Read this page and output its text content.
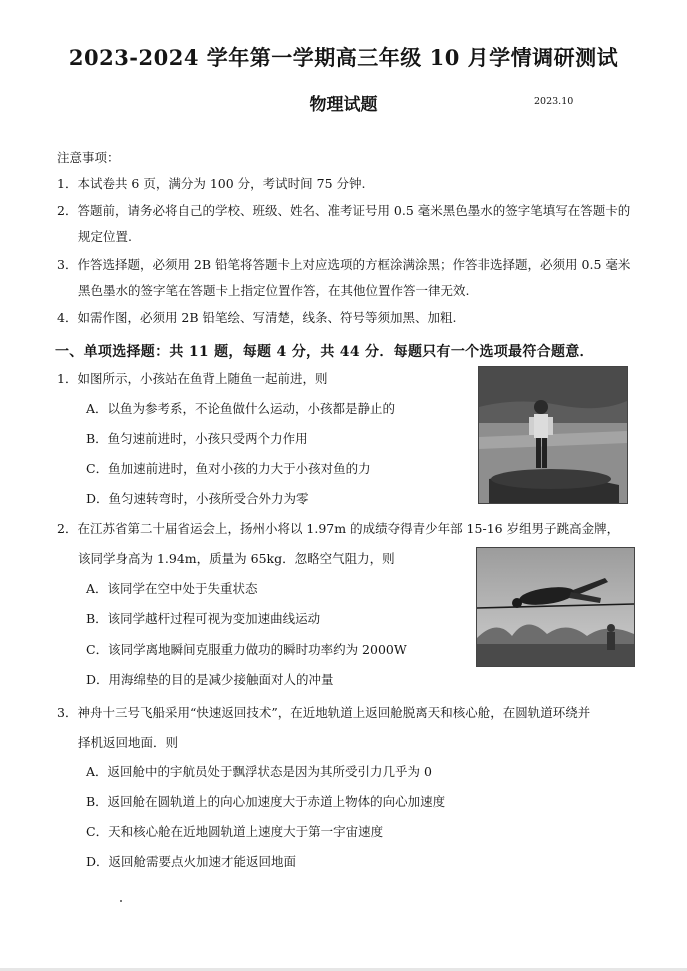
2023-2024 学年第一学期高三年级 10 月学情调研测试
物理试题	2023.10
注意事项：
1．本试卷共 6 页，满分为 100 分，考试时间 75 分钟.
2．答题前，请务必将自己的学校、班级、姓名、准考证号用 0.5 毫米黑色墨水的签字笔填写在答题卡的
规定位置.
3．作答选择题，必须用 2B 铅笔将答题卡上对应选项的方框涂满涂黑；作答非选择题，必须用 0.5 毫米
黑色墨水的签字笔在答题卡上指定位置作答，在其他位置作答一律无效.
4．如需作图，必须用 2B 铅笔绘、写清楚，线条、符号等须加黑、加粗.
一、单项选择题：共 11 题，每题 4 分，共 44 分．每题只有一个选项最符合题意．
1．如图所示，小孩站在鱼背上随鱼一起前进，则
A．以鱼为参考系，不论鱼做什么运动，小孩都是静止的
B．鱼匀速前进时，小孩只受两个力作用
C．鱼加速前进时，鱼对小孩的力大于小孩对鱼的力
D．鱼匀速转弯时，小孩所受合外力为零
2．在江苏省第二十届省运会上，扬州小将以 1.97m 的成绩夺得青少年部 15-16 岁组男子跳高金牌，
该同学身高为 1.94m，质量为 65kg．忽略空气阻力，则
A．该同学在空中处于失重状态
B．该同学越杆过程可视为变加速曲线运动
C．该同学离地瞬间克服重力做功的瞬时功率约为 2000W
D．用海绵垫的目的是减少接触面对人的冲量
3．神舟十三号飞船采用“快速返回技术”，在近地轨道上返回舱脱离天和核心舱，在圆轨道环绕并
择机返回地面．则
A．返回舱中的宇航员处于飘浮状态是因为其所受引力几乎为 0
B．返回舱在圆轨道上的向心加速度大于赤道上物体的向心加速度
C．天和核心舱在近地圆轨道上速度大于第一宇宙速度
D．返回舱需要点火加速才能返回地面
